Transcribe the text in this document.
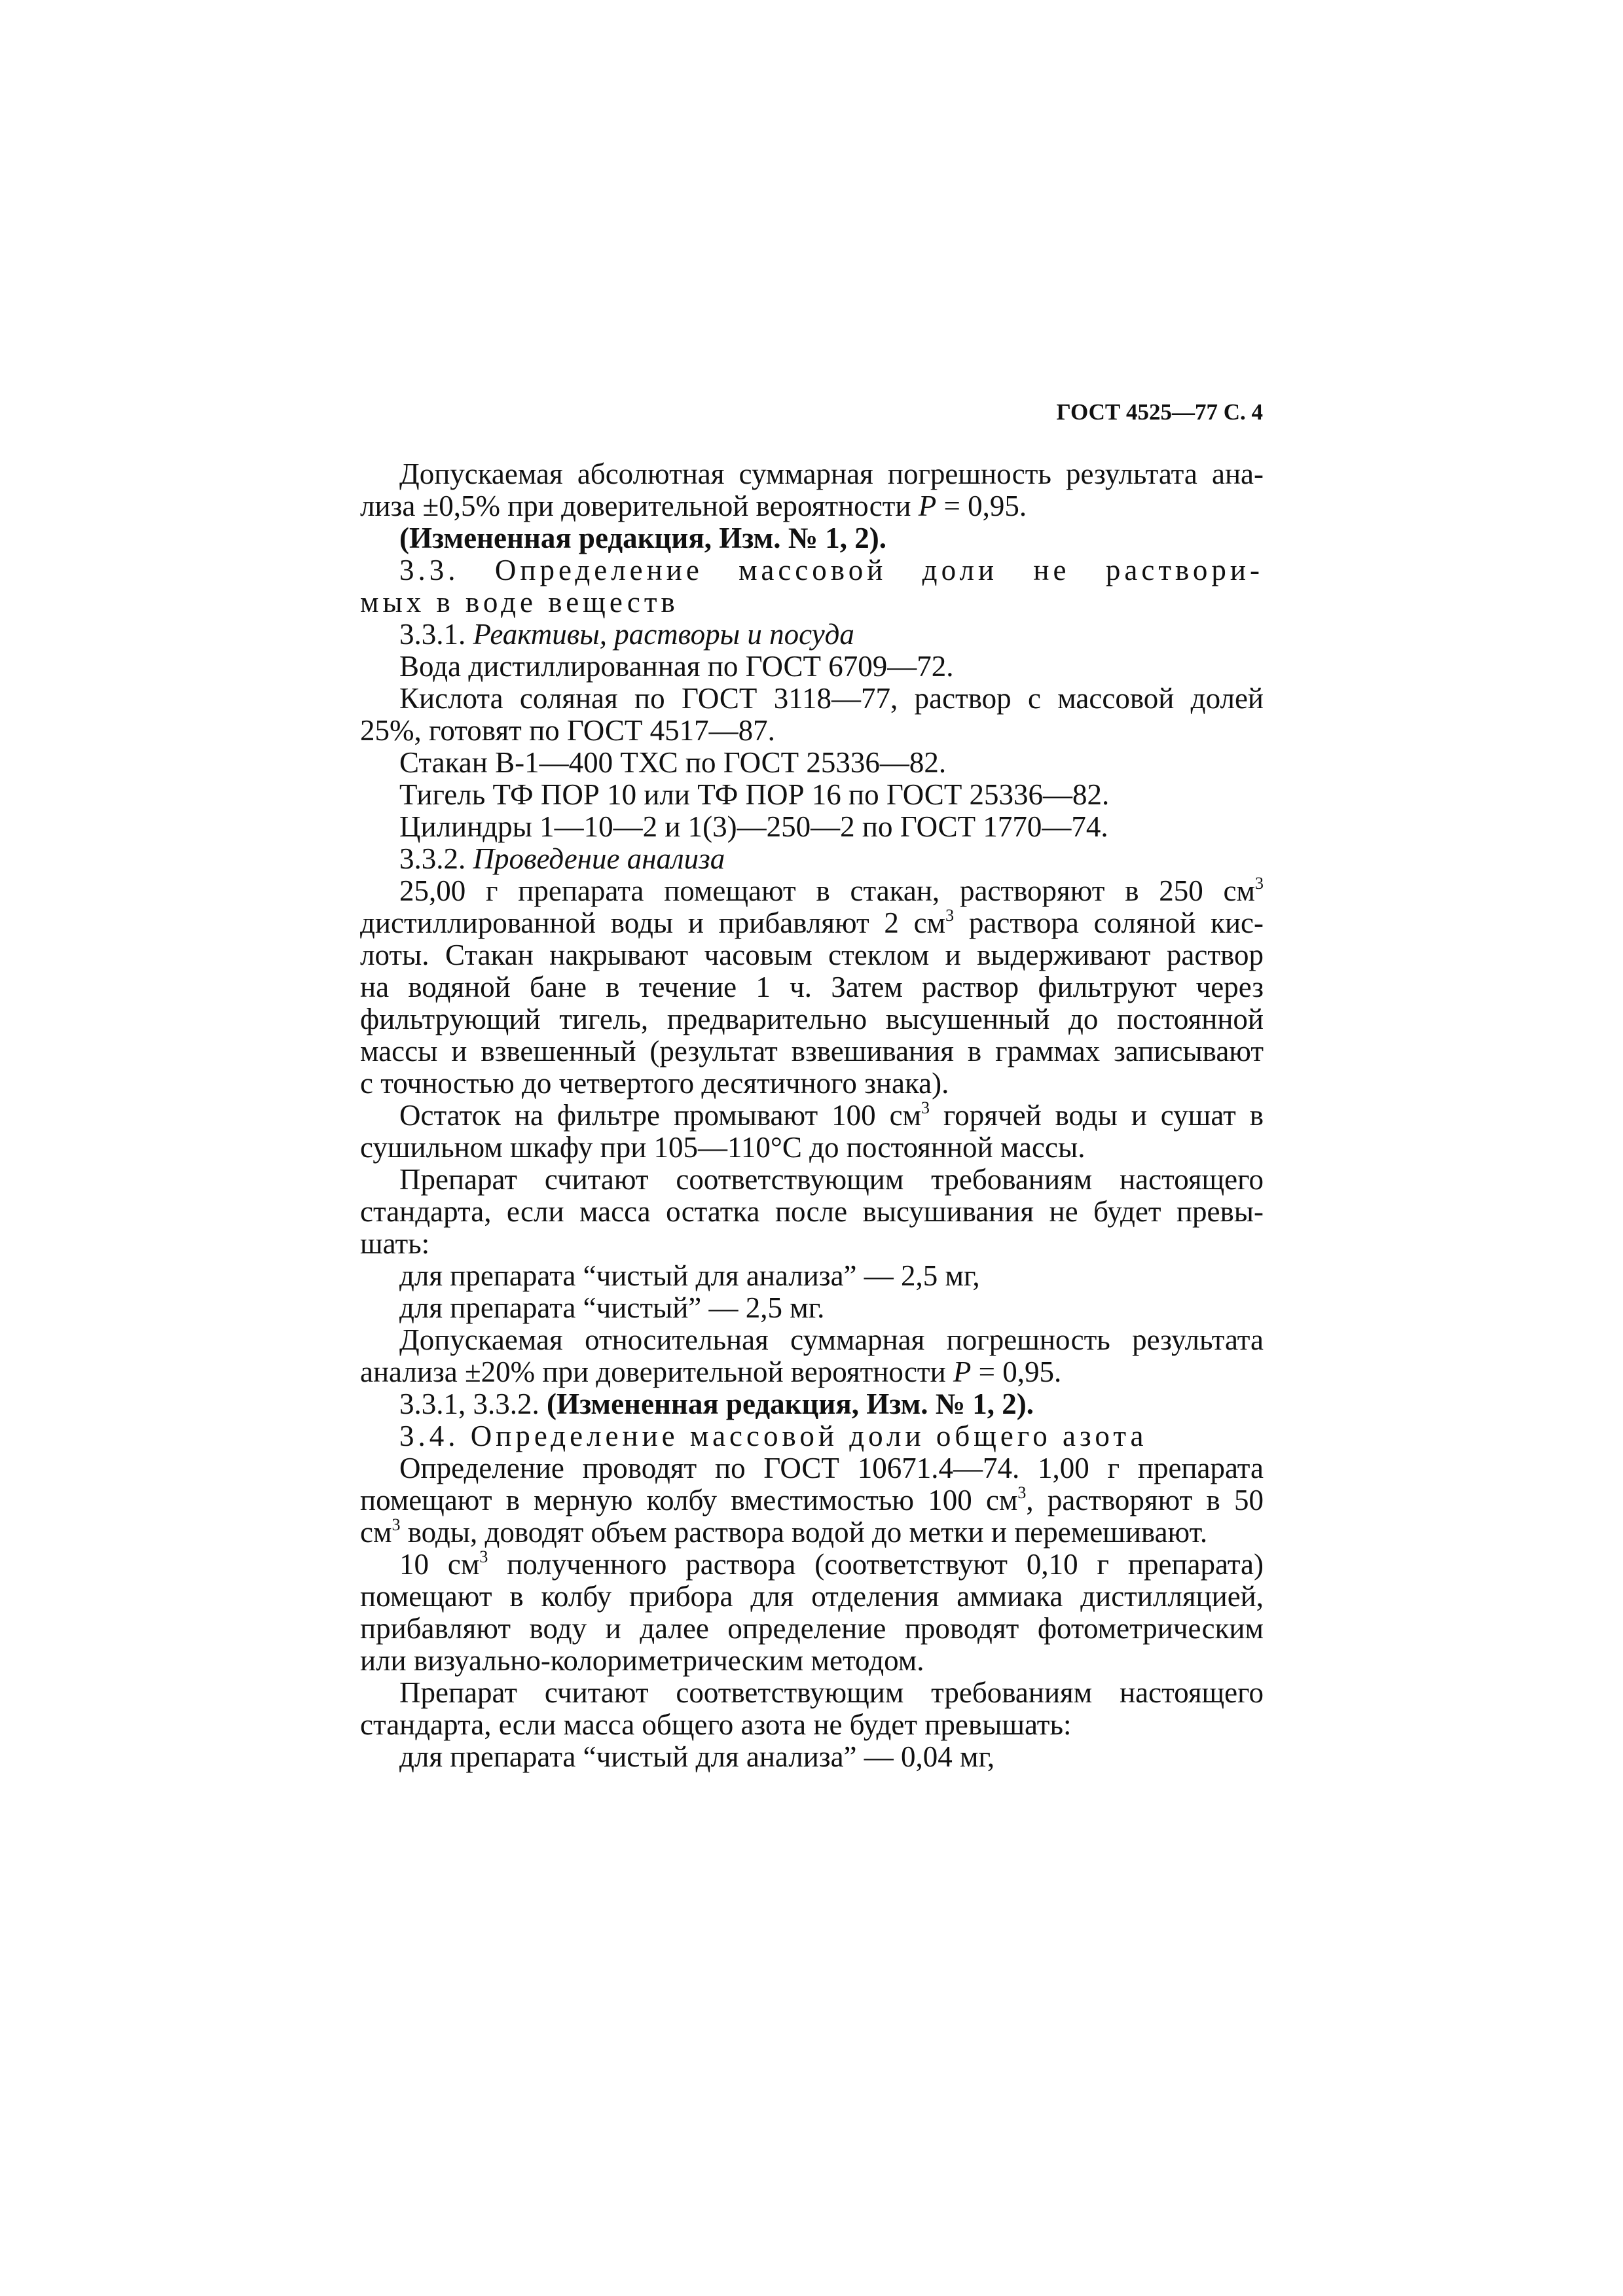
ГОСТ 4525—77 С. 4

Допускаемая абсолютная суммарная погрешность результата ана-

лиза ±0,5% при доверительной вероятности P = 0,95.

(Измененная редакция, Изм. № 1, 2).

3.3. Определение массовой доли не раствори-

мых в воде веществ

3.3.1. Реактивы, растворы и посуда

Вода дистиллированная по ГОСТ 6709—72.

Кислота соляная по ГОСТ 3118—77, раствор с массовой долей

25%, готовят по ГОСТ 4517—87.

Стакан В-1—400 ТХС по ГОСТ 25336—82.

Тигель ТФ ПОР 10 или ТФ ПОР 16 по ГОСТ 25336—82.

Цилиндры 1—10—2 и 1(3)—250—2 по ГОСТ 1770—74.

3.3.2. Проведение анализа

25,00 г препарата помещают в стакан, растворяют в 250 $см^3$

дистиллированной воды и прибавляют 2 $см^3$ раствора соляной кис-

лоты. Стакан накрывают часовым стеклом и выдерживают раствор

на водяной бане в течение 1 ч. Затем раствор фильтруют через

фильтрующий тигель, предварительно высушенный до постоянной

массы и взвешенный (результат взвешивания в граммах записывают

с точностью до четвертого десятичного знака).

Остаток на фильтре промывают 100 $см^3$ горячей воды и сушат в

сушильном шкафу при 105—110°С до постоянной массы.

Препарат считают соответствующим требованиям настоящего

стандарта, если масса остатка после высушивания не будет превы-

шать:

для препарата “чистый для анализа” — 2,5 мг,

для препарата “чистый” — 2,5 мг.

Допускаемая относительная суммарная погрешность результата

анализа ±20% при доверительной вероятности P = 0,95.

3.3.1, 3.3.2. (Измененная редакция, Изм. № 1, 2).

3.4. Определение массовой доли общего азота

Определение проводят по ГОСТ 10671.4—74. 1,00 г препарата

помещают в мерную колбу вместимостью 100 $см^3$, растворяют в 50

$см^3$ воды, доводят объем раствора водой до метки и перемешивают.

10 $см^3$ полученного раствора (соответствуют 0,10 г препарата)

помещают в колбу прибора для отделения аммиака дистилляцией,

прибавляют воду и далее определение проводят фотометрическим

или визуально-колориметрическим методом.

Препарат считают соответствующим требованиям настоящего

стандарта, если масса общего азота не будет превышать:

для препарата “чистый для анализа” — 0,04 мг,
